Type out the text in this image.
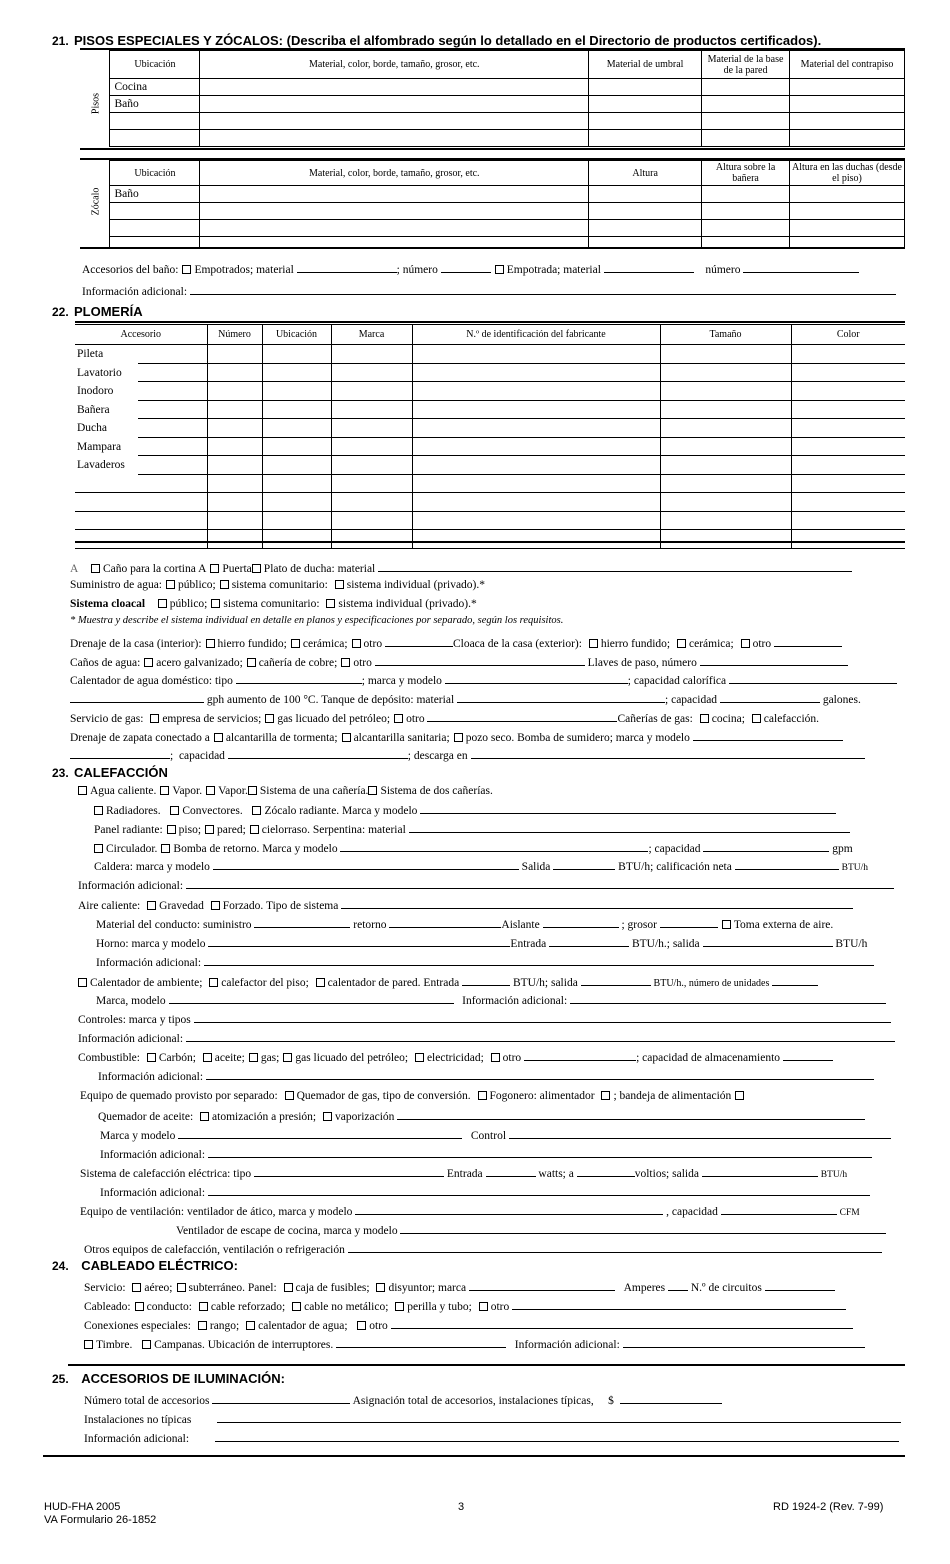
21. PISOS ESPECIALES Y ZÓCALOS: (Describa el alfombrado según lo detallado en el Directorio de productos certificados).
Pisos
	Ubicación	Material, color, borde, tamaño, grosor, etc.	Material de umbral	Material de la base de la pared	Material del contrapiso
	Cocina				
	Baño				

Zócalo
	Ubicación	Material, color, borde, tamaño, grosor, etc.	Altura	Altura sobre la bañera	Altura en las duchas (desde el piso)
	Baño				

Accesorios del baño: Empotrados; material	; número	Empotrada; material	número
Información adicional:
22. PLOMERÍA
Accesorio	Número	Ubicación	Marca	N.º de identificación del fabricante	Tamaño	Color
Pileta
Lavatorio
Inodoro
Bañera
Ducha
Mampara
Lavaderos
A Caño para la cortina A Puerta Plato de ducha: material
Suministro de agua: público; sistema comunitario: sistema individual (privado).*
Sistema cloacal público; sistema comunitario: sistema individual (privado).*
* Muestra y describe el sistema individual en detalle en planos y especificaciones por separado, según los requisitos.
Drenaje de la casa (interior): hierro fundido; cerámica; otro	Cloaca de la casa (exterior): hierro fundido; cerámica; otro
Caños de agua: acero galvanizado; cañería de cobre; otro	Llaves de paso, número
Calentador de agua doméstico: tipo	; marca y modelo	; capacidad calorífica
gph aumento de 100 °C. Tanque de depósito: material	; capacidad	galones.
Servicio de gas: empresa de servicios; gas licuado del petróleo; otro	Cañerías de gas: cocina; calefacción.
Drenaje de zapata conectado a alcantarilla de tormenta; alcantarilla sanitaria; pozo seco. Bomba de sumidero; marca y modelo
; capacidad	; descarga en
23. CALEFACCIÓN
Agua caliente. Vapor. Vapor. Sistema de una cañería. Sistema de dos cañerías.
Radiadores. Convectores. Zócalo radiante. Marca y modelo
Panel radiante: piso; pared; cielorraso. Serpentina: material
Circulador. Bomba de retorno. Marca y modelo	; capacidad	gpm
Caldera: marca y modelo	Salida	BTU/h; calificación neta	BTU/h
Información adicional:
Aire caliente: Gravedad Forzado. Tipo de sistema
Material del conducto: suministro	retorno	Aislante	; grosor	Toma externa de aire.
Horno: marca y modelo	Entrada	BTU/h.; salida	BTU/h
Información adicional:
Calentador de ambiente; calefactor del piso; calentador de pared. Entrada	BTU/h; salida	BTU/h., número de unidades
Marca, modelo	Información adicional:
Controles: marca y tipos
Información adicional:
Combustible: Carbón; aceite; gas; gas licuado del petróleo; electricidad; otro	; capacidad de almacenamiento
Información adicional:
Equipo de quemado provisto por separado: Quemador de gas, tipo de conversión. Fogonero: alimentador ; bandeja de alimentación
Quemador de aceite: atomización a presión; vaporización
Marca y modelo	Control
Información adicional:
Sistema de calefacción eléctrica: tipo	Entrada	watts; a	voltios; salida	BTU/h
Información adicional:
Equipo de ventilación: ventilador de ático, marca y modelo	, capacidad	CFM
Ventilador de escape de cocina, marca y modelo
Otros equipos de calefacción, ventilación o refrigeración
24. CABLEADO ELÉCTRICO:
Servicio: aéreo; subterráneo. Panel: caja de fusibles; disyuntor; marca	Amperes N.º de circuitos
Cableado: conducto: cable reforzado; cable no metálico; perilla y tubo; otro
Conexiones especiales: rango; calentador de agua; otro
Timbre. Campanas. Ubicación de interruptores.	Información adicional:
25. ACCESORIOS DE ILUMINACIÓN:
Número total de accesorios	Asignación total de accesorios, instalaciones típicas, $
Instalaciones no típicas
Información adicional:
HUD-FHA 2005
VA Formulario 26-1852
3	RD 1924-2 (Rev. 7-99)
